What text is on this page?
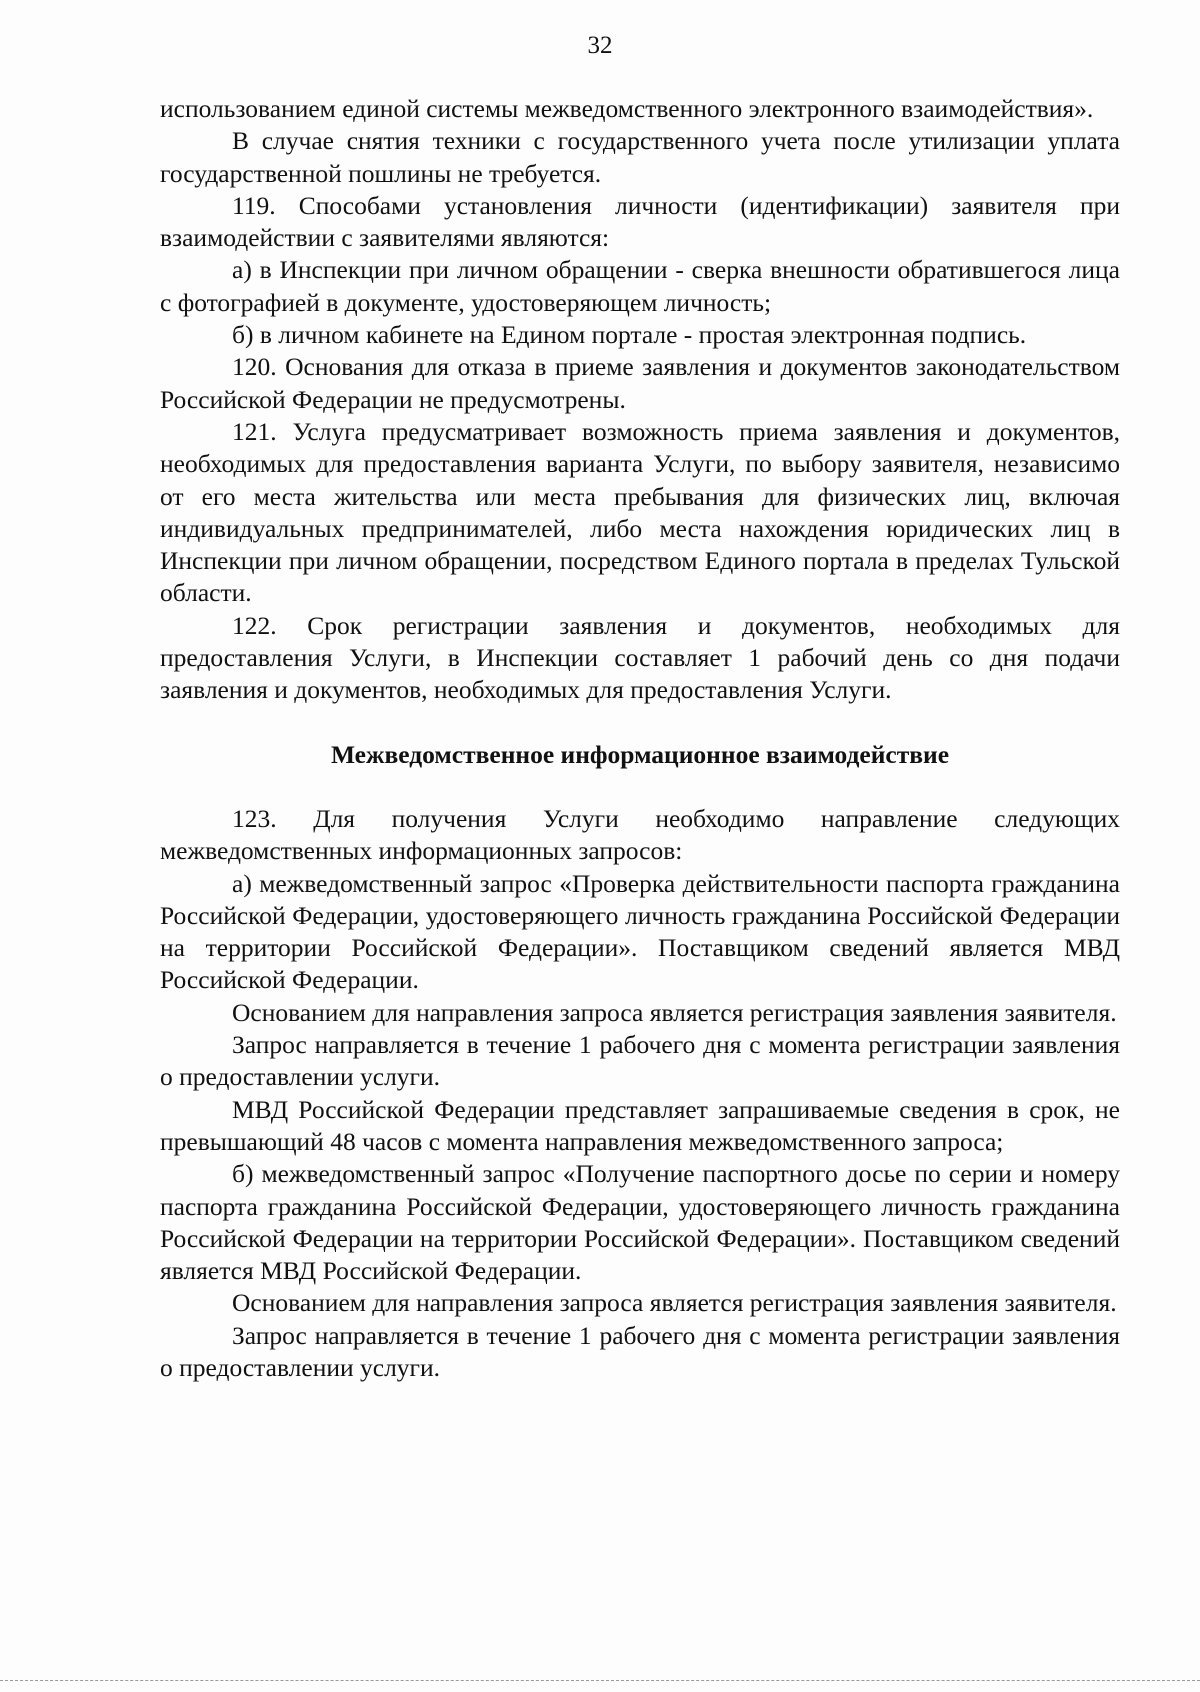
32

использованием единой системы межведомственного электронного взаимодействия».

В случае снятия техники с государственного учета после утилизации уплата государственной пошлины не требуется.

119. Способами установления личности (идентификации) заявителя при взаимодействии с заявителями являются:

а) в Инспекции при личном обращении - сверка внешности обратившегося лица с фотографией в документе, удостоверяющем личность;

б) в личном кабинете на Едином портале - простая электронная подпись.

120. Основания для отказа в приеме заявления и документов законодательством Российской Федерации не предусмотрены.

121. Услуга предусматривает возможность приема заявления и документов, необходимых для предоставления варианта Услуги, по выбору заявителя, независимо от его места жительства или места пребывания для физических лиц, включая индивидуальных предпринимателей, либо места нахождения юридических лиц в Инспекции при личном обращении, посредством Единого портала в пределах Тульской области.

122. Срок регистрации заявления и документов, необходимых для предоставления Услуги, в Инспекции составляет 1 рабочий день со дня подачи заявления и документов, необходимых для предоставления Услуги.

Межведомственное информационное взаимодействие

123. Для получения Услуги необходимо направление следующих межведомственных информационных запросов:

а) межведомственный запрос «Проверка действительности паспорта гражданина Российской Федерации, удостоверяющего личность гражданина Российской Федерации на территории Российской Федерации». Поставщиком сведений является МВД Российской Федерации.

Основанием для направления запроса является регистрация заявления заявителя.

Запрос направляется в течение 1 рабочего дня с момента регистрации заявления о предоставлении услуги.

МВД Российской Федерации представляет запрашиваемые сведения в срок, не превышающий 48 часов с момента направления межведомственного запроса;

б) межведомственный запрос «Получение паспортного досье по серии и номеру паспорта гражданина Российской Федерации, удостоверяющего личность гражданина Российской Федерации на территории Российской Федерации». Поставщиком сведений является МВД Российской Федерации.

Основанием для направления запроса является регистрация заявления заявителя.

Запрос направляется в течение 1 рабочего дня с момента регистрации заявления о предоставлении услуги.
